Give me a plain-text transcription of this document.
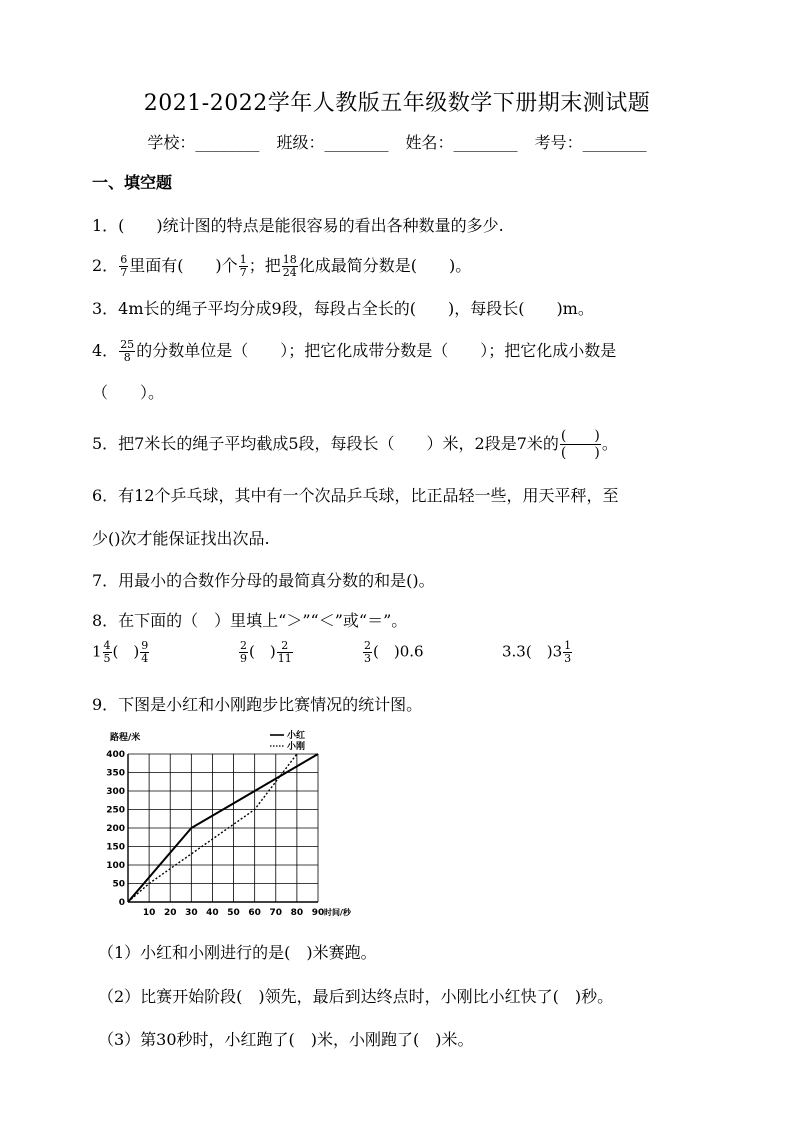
2021-2022学年人教版五年级数学下册期末测试题
学校：________ 班级：________ 姓名：________ 考号：________
一、填空题
1．(　　)统计图的特点是能很容易的看出各种数量的多少.
2． $\frac{6}{7}$ 里面有(　　)个 $\frac{1}{7}$ ；把 $\frac{18}{24}$ 化成最简分数是(　　)。
3．4m长的绳子平均分成9段，每段占全长的(　　)，每段长(　　)m。
4． $\frac{25}{8}$ 的分数单位是（　　）；把它化成带分数是（　　）；把它化成小数是
（　　）。
5．把7米长的绳子平均截成5段，每段长（　　）米，2段是7米的 $\frac{( )}{( )}$ 。
6．有12个乒乓球，其中有一个次品乒乓球，比正品轻一些，用天平秤，至
少()次才能保证找出次品.
7．用最小的合数作分母的最简真分数的和是()。
8．在下面的（　）里填上“＞”“＜”或“＝”。
$1 \frac{4}{5}$ (　) $\frac{9}{4}$	$\frac{2}{9}$ (　) $\frac{2}{11}$	$\frac{2}{3}$ (　)0.6	3.3(　)$3 \frac{1}{3}$
9．下图是小红和小刚跑步比赛情况的统计图。
400
350
300
250
200
150
100
50
0
10 20 30 40 50 60 70 80 90
路程/米
时间/秒
小红
小刚
（1）小红和小刚进行的是(　)米赛跑。
（2）比赛开始阶段(　)领先，最后到达终点时，小刚比小红快了(　)秒。
（3）第30秒时，小红跑了(　)米，小刚跑了(　)米。
